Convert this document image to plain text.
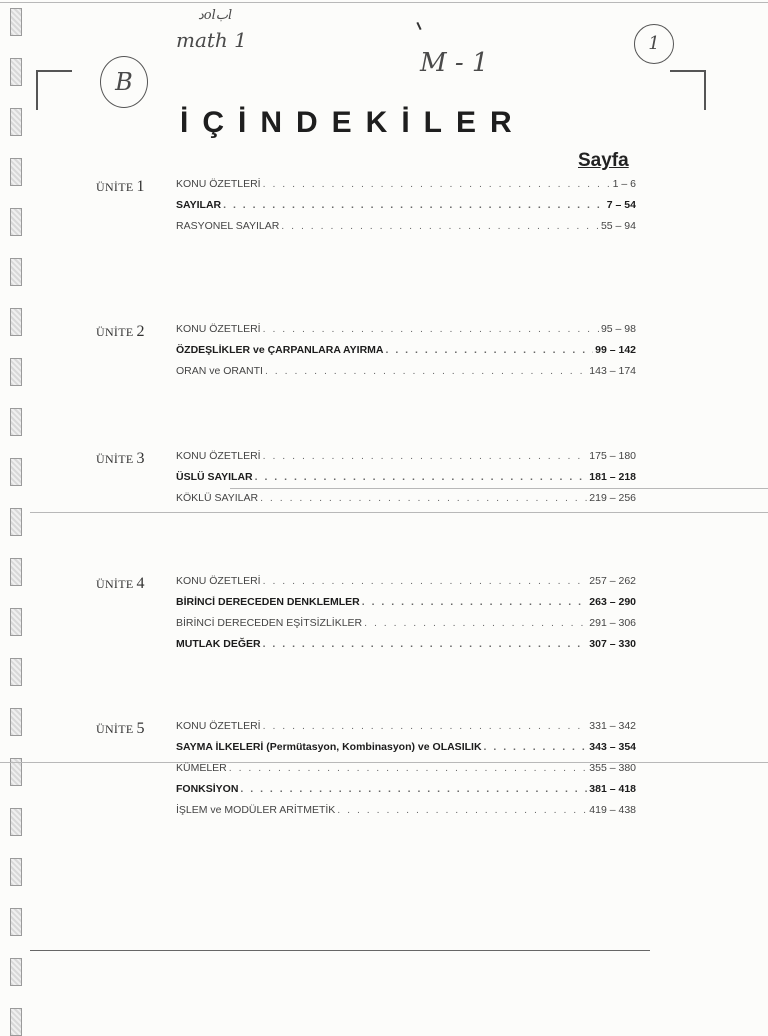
دolبl
math 1
M - 1
B
1
İÇİNDEKİLER
Sayfa
ÜNİTE 1	KONU ÖZETLERİ . . .	1 – 6
SAYILAR . . .	7 – 54
RASYONEL SAYILAR . . .	55 – 94
ÜNİTE 2	KONU ÖZETLERİ . . .	95 – 98
ÖZDEŞLİKLER ve ÇARPANLARA AYIRMA . . .	99 – 142
ORAN ve ORANTI . . .	143 – 174
ÜNİTE 3	KONU ÖZETLERİ . . .	175 – 180
ÜSLÜ SAYILAR . . .	181 – 218
KÖKLÜ SAYILAR . . .	219 – 256
ÜNİTE 4	KONU ÖZETLERİ . . .	257 – 262
BİRİNCİ DERECEDEN DENKLEMLER . . .	263 – 290
BİRİNCİ DERECEDEN EŞİTSİZLİKLER . . .	291 – 306
MUTLAK DEĞER . . .	307 – 330
ÜNİTE 5	KONU ÖZETLERİ . . .	331 – 342
SAYMA İLKELERİ (Permütasyon, Kombinasyon) ve OLASILIK . . .	343 – 354
KÜMELER . . .	355 – 380
FONKSİYON . . .	381 – 418
İŞLEM ve MODÜLER ARİTMETİK . . .	419 – 438
